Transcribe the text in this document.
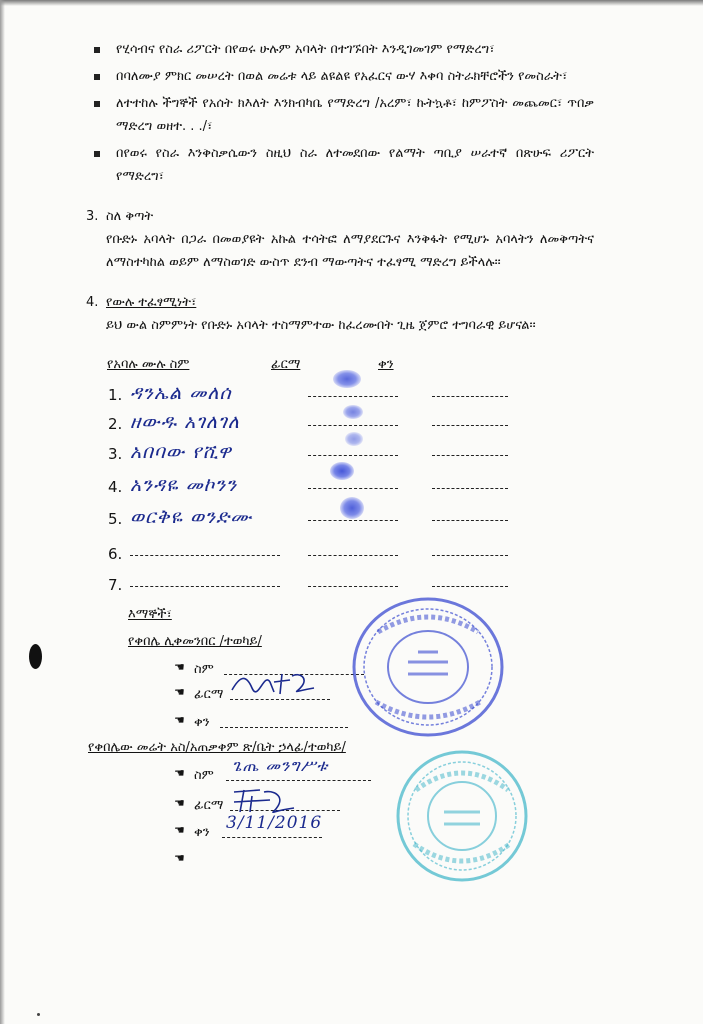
የሂሳብና የስራ ሪፖርት በየወሩ ሁሉም አባላት በተገኙበት እንዲገመገም የማድረግ፣
በባለሙያ ምክር መሠረት በወል መሬቱ ላይ ልዩልዩ የአፈርና ውሃ እቀባ ስትራክቸሮችን የመስራት፣
ለተተከሉ ችግኞች የአሰት ክእለት እንክብካቤ የማድረግ /አረም፣ ኩትኳቶ፣ ከምፖስት መጨመር፣ ጥበቃ ማድረግ ወዘተ. . ./፣
በየወሩ የስራ እንቅስቃሴውን ስዚህ ስራ ለተመደበው የልማት ጣቢያ ሠራተኛ በጽሁፍ ሪፖርት የማድረግ፣
3. ስለ ቅጣት
የቡድኑ አባላት በጋራ በመወያዩት አኩል ተሳትፎ ለማያደርጉና እንቅፋት የሚሆኑ አባላትን ለመቅጣትና ለማስተካከል ወይም ለማስወገድ ውስጥ ደንብ ማውጣትና ተፈፃሚ ማድረግ ይችላሉ፡፡
4. የውሉ ተፈፃሚነት፣
ይህ ውል ስምምነት የቡድኑ አባላት ተስማምተው ከፈረሙበት ጊዜ ጀምሮ ተግባራዊ ይሆናል፡፡
የአባሉ ሙሉ ስም	ፊርማ	ቀን
1. ዳንኤል መለሰ
2. ዘውዱ አገለገለ
3. አበባው የሺዋ
4. አንዳዬ መኮንን
5. ወርቅዬ ወንድሙ
6.
7.
እማኞች፣
የቀበሌ ሊቀመንበር /ተወካይ/
☚ ስም
☚ ፊርማ
☚ ቀን
የቀበሌው መሬት አስ/አጠቃቀም ጽ/ቤት ኃላፊ/ተወካይ/
☚ ስም
ጌጤ መንግሥቱ
☚ ፊርማ
☚ ቀን 3/11/2016
☚
